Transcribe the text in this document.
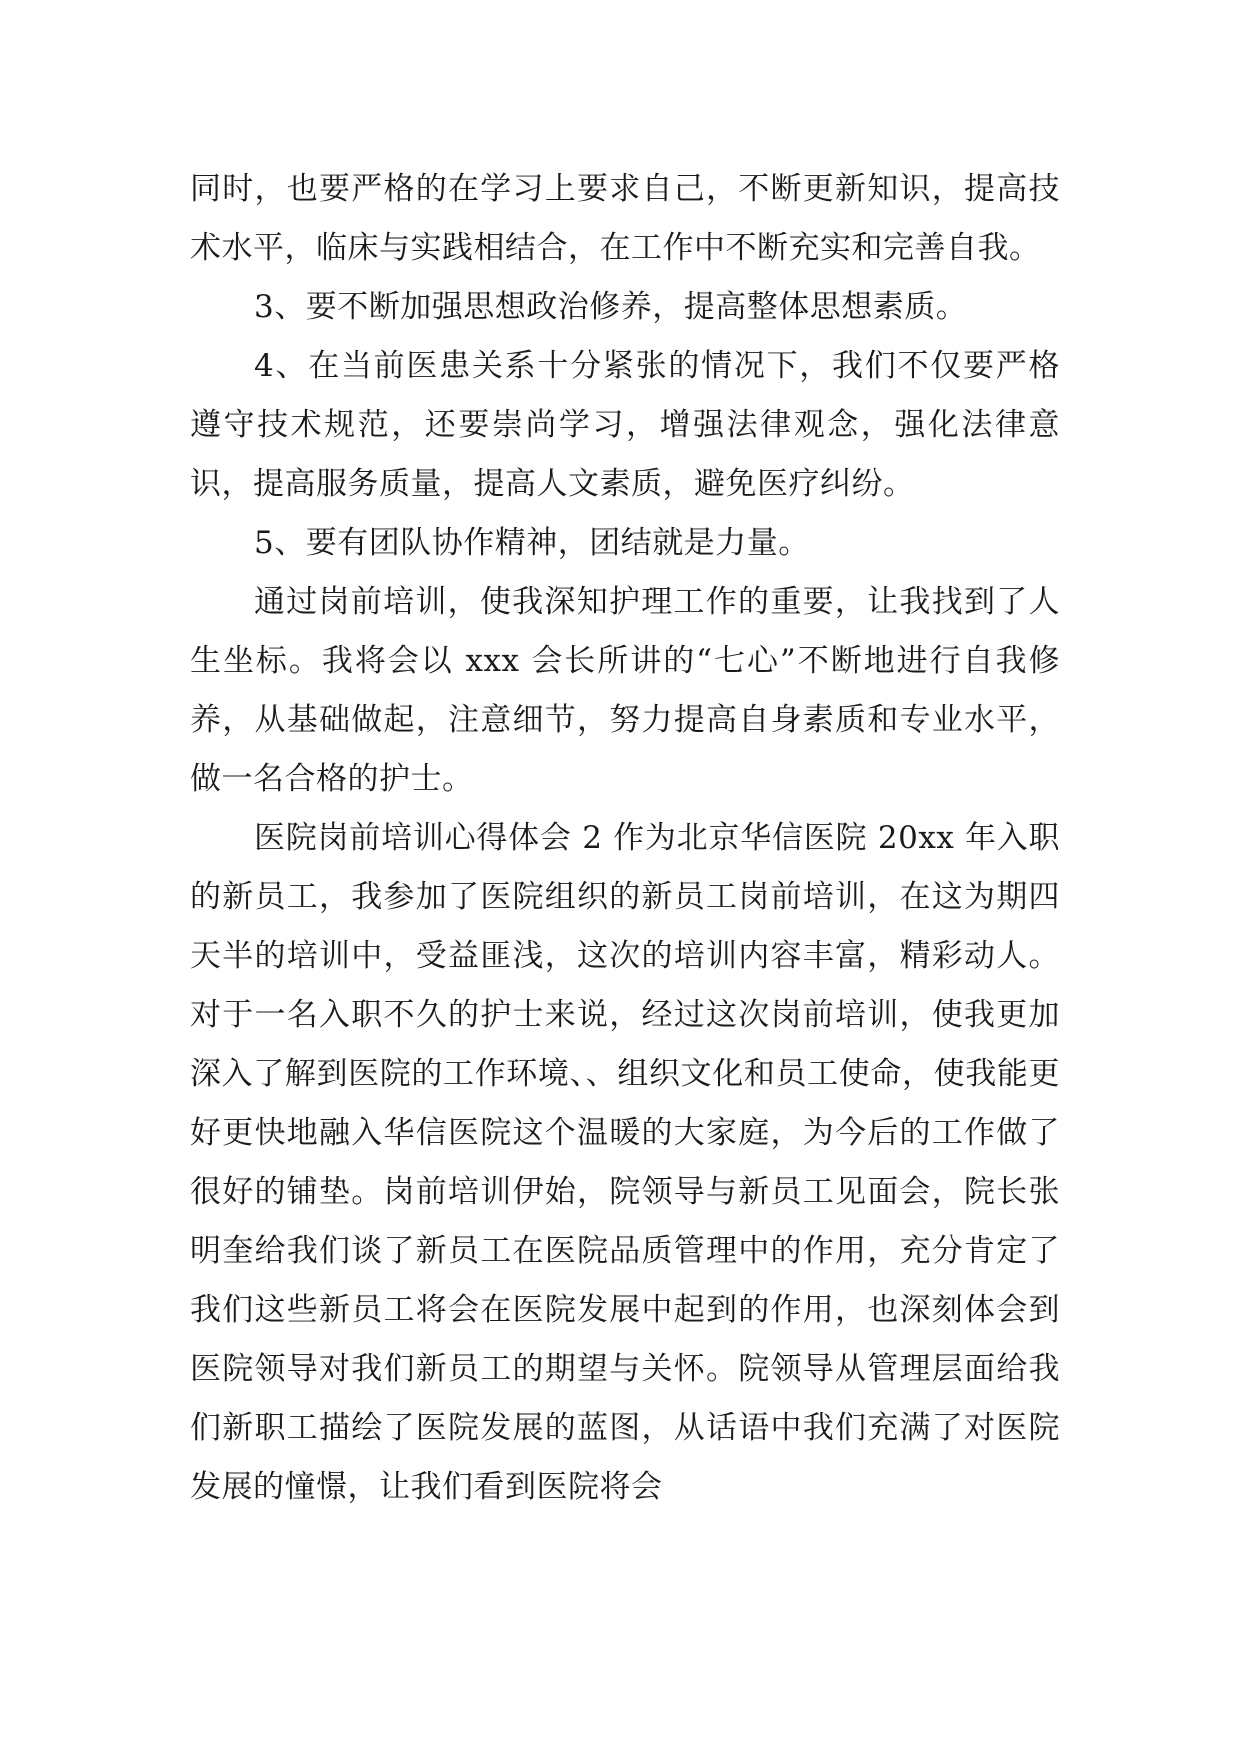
同时，也要严格的在学习上要求自己，不断更新知识，提高技术水平，临床与实践相结合，在工作中不断充实和完善自我。

3、要不断加强思想政治修养，提高整体思想素质。

4、在当前医患关系十分紧张的情况下，我们不仅要严格遵守技术规范，还要崇尚学习，增强法律观念，强化法律意识，提高服务质量，提高人文素质，避免医疗纠纷。

5、要有团队协作精神，团结就是力量。

通过岗前培训，使我深知护理工作的重要，让我找到了人生坐标。我将会以 xxx 会长所讲的“七心”不断地进行自我修养，从基础做起，注意细节，努力提高自身素质和专业水平，做一名合格的护士。

医院岗前培训心得体会 2 作为北京华信医院 20xx 年入职的新员工，我参加了医院组织的新员工岗前培训，在这为期四天半的培训中，受益匪浅，这次的培训内容丰富，精彩动人。对于一名入职不久的护士来说，经过这次岗前培训，使我更加深入了解到医院的工作环境、、组织文化和员工使命，使我能更好更快地融入华信医院这个温暖的大家庭，为今后的工作做了很好的铺垫。岗前培训伊始，院领导与新员工见面会，院长张明奎给我们谈了新员工在医院品质管理中的作用，充分肯定了我们这些新员工将会在医院发展中起到的作用，也深刻体会到医院领导对我们新员工的期望与关怀。院领导从管理层面给我们新职工描绘了医院发展的蓝图，从话语中我们充满了对医院发展的憧憬，让我们看到医院将会
